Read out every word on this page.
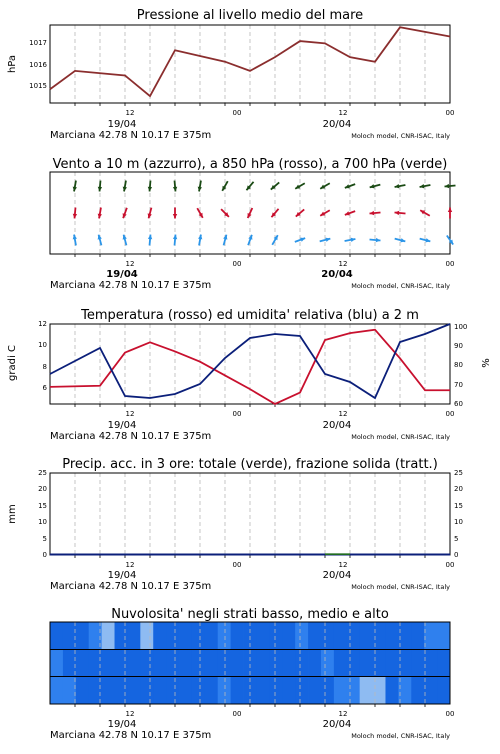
Pressione al livello medio del mare
hPa
1015
1016
1017
12	00	12	00
19/04	20/04
Marciana 42.78 N 10.17 E 375m	Moloch model, CNR-ISAC, Italy
Vento a 10 m (azzurro), a 850 hPa (rosso), a 700 hPa (verde)
12	00	12	00
19/04	20/04
Marciana 42.78 N 10.17 E 375m	Moloch model, CNR-ISAC, Italy
Temperatura (rosso) ed umidita' relativa (blu) a 2 m
gradi C	%
6
8
10
12
60
70
80
90
100
12	00	12	00
19/04	20/04
Marciana 42.78 N 10.17 E 375m	Moloch model, CNR-ISAC, Italy
Precip. acc. in 3 ore: totale (verde), frazione solida (tratt.)
mm
0
5
10
15
20
25
0
5
10
15
20
25
12	00	12	00
19/04	20/04
Marciana 42.78 N 10.17 E 375m	Moloch model, CNR-ISAC, Italy
Nuvolosita' negli strati basso, medio e alto
12	00	12	00
19/04	20/04
Marciana 42.78 N 10.17 E 375m	Moloch model, CNR-ISAC, Italy
